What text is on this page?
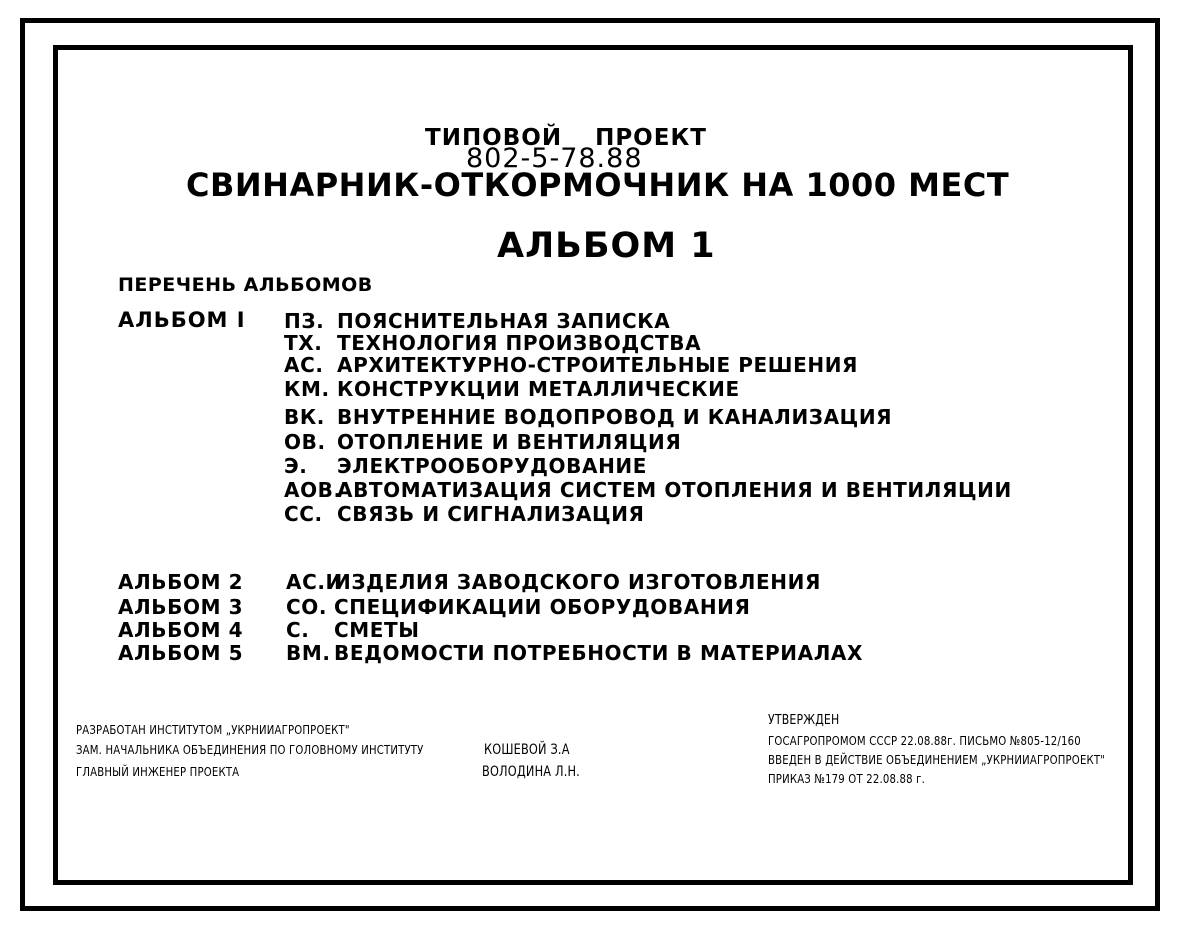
ТИПОВОЙ ПРОЕКТ
802-5-78.88
СВИНАРНИК-ОТКОРМОЧНИК НА 1000 МЕСТ
АЛЬБОМ 1
ПЕРЕЧЕНЬ АЛЬБОМОВ
АЛЬБОМ I ПЗ. ПОЯСНИТЕЛЬНАЯ ЗАПИСКА
ТХ. ТЕХНОЛОГИЯ ПРОИЗВОДСТВА
АС. АРХИТЕКТУРНО-СТРОИТЕЛЬНЫЕ РЕШЕНИЯ
КМ. КОНСТРУКЦИИ МЕТАЛЛИЧЕСКИЕ
ВК. ВНУТРЕННИЕ ВОДОПРОВОД И КАНАЛИЗАЦИЯ
ОВ. ОТОПЛЕНИЕ И ВЕНТИЛЯЦИЯ
Э. ЭЛЕКТРООБОРУДОВАНИЕ
АОВ.АВТОМАТИЗАЦИЯ СИСТЕМ ОТОПЛЕНИЯ И ВЕНТИЛЯЦИИ
СС. СВЯЗЬ И СИГНАЛИЗАЦИЯ
АЛЬБОМ 2 АС.ИИЗДЕЛИЯ ЗАВОДСКОГО ИЗГОТОВЛЕНИЯ
АЛЬБОМ 3 СО. СПЕЦИФИКАЦИИ ОБОРУДОВАНИЯ
АЛЬБОМ 4 С. СМЕТЫ
АЛЬБОМ 5 ВМ. ВЕДОМОСТИ ПОТРЕБНОСТИ В МАТЕРИАЛАХ
РАЗРАБОТАН ИНСТИТУТОМ „УКРНИИАГРОПРОЕКТ"
ЗАМ. НАЧАЛЬНИКА ОБЪЕДИНЕНИЯ ПО ГОЛОВНОМУ ИНСТИТУТУ
ГЛАВНЫЙ ИНЖЕНЕР ПРОЕКТА
КОШЕВОЙ З.А
ВОЛОДИНА Л.Н.
УТВЕРЖДЕН
ГОСАГРОПРОМОМ СССР 22.08.88г. ПИСЬМО №805-12/160
ВВЕДЕН В ДЕЙСТВИЕ ОБЪЕДИНЕНИЕМ „УКРНИИАГРОПРОЕКТ"
ПРИКАЗ №179 ОТ 22.08.88 г.
